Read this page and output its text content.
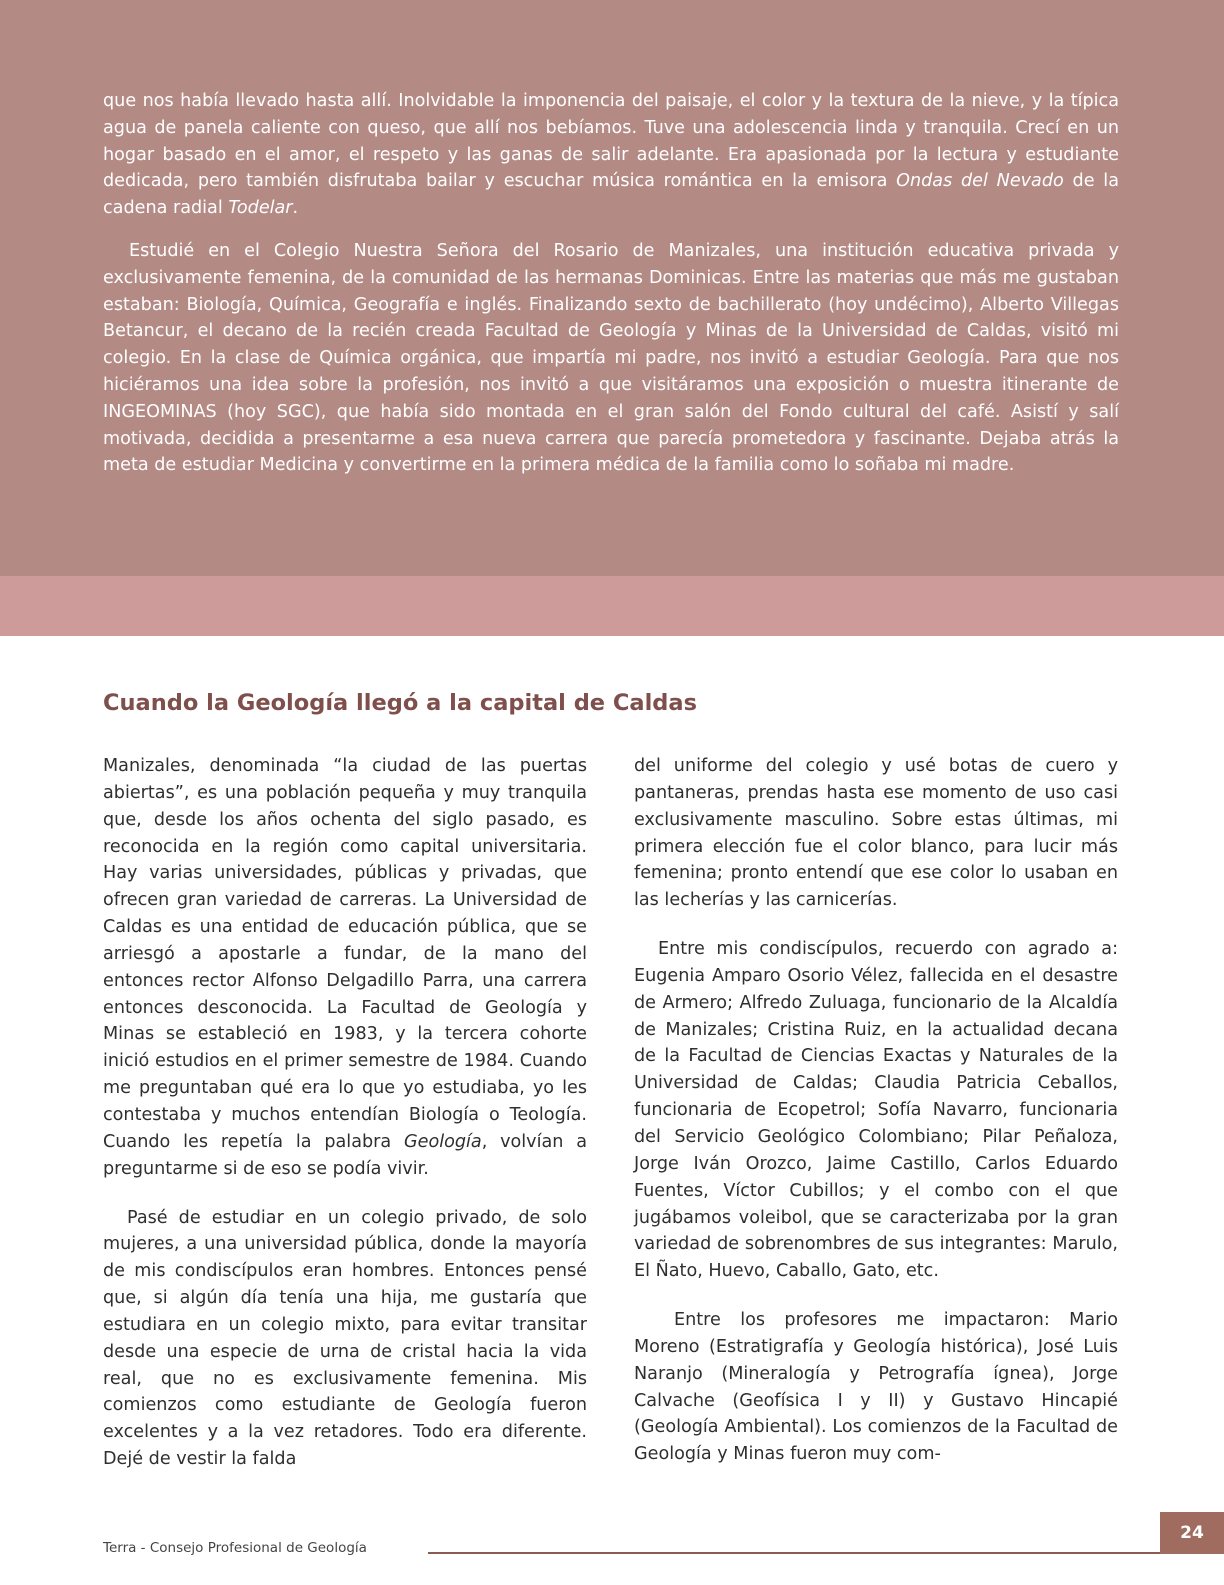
que nos había llevado hasta allí. Inolvidable la imponencia del paisaje, el color y la textura de la nieve, y la típica agua de panela caliente con queso, que allí nos bebíamos. Tuve una adolescencia linda y tranquila. Crecí en un hogar basado en el amor, el respeto y las ganas de salir adelante. Era apasionada por la lectura y estudiante dedicada, pero también disfrutaba bailar y escuchar música romántica en la emisora Ondas del Nevado de la cadena radial Todelar.

Estudié en el Colegio Nuestra Señora del Rosario de Manizales, una institución educativa privada y exclusivamente femenina, de la comunidad de las hermanas Dominicas. Entre las materias que más me gustaban estaban: Biología, Química, Geografía e inglés. Finalizando sexto de bachillerato (hoy undécimo), Alberto Villegas Betancur, el decano de la recién creada Facultad de Geología y Minas de la Universidad de Caldas, visitó mi colegio. En la clase de Química orgánica, que impartía mi padre, nos invitó a estudiar Geología. Para que nos hiciéramos una idea sobre la profesión, nos invitó a que visitáramos una exposición o muestra itinerante de INGEOMINAS (hoy SGC), que había sido montada en el gran salón del Fondo cultural del café. Asistí y salí motivada, decidida a presentarme a esa nueva carrera que parecía prometedora y fascinante. Dejaba atrás la meta de estudiar Medicina y convertirme en la primera médica de la familia como lo soñaba mi madre.

Cuando la Geología llegó a la capital de Caldas

Manizales, denominada “la ciudad de las puertas abiertas”, es una población pequeña y muy tranquila que, desde los años ochenta del siglo pasado, es reconocida en la región como capital universitaria. Hay varias universidades, públicas y privadas, que ofrecen gran variedad de carreras. La Universidad de Caldas es una entidad de educación pública, que se arriesgó a apostarle a fundar, de la mano del entonces rector Alfonso Delgadillo Parra, una carrera entonces desconocida. La Facultad de Geología y Minas se estableció en 1983, y la tercera cohorte inició estudios en el primer semestre de 1984. Cuando me preguntaban qué era lo que yo estudiaba, yo les contestaba y muchos entendían Biología o Teología. Cuando les repetía la palabra Geología, volvían a preguntarme si de eso se podía vivir.

Pasé de estudiar en un colegio privado, de solo mujeres, a una universidad pública, donde la mayoría de mis condiscípulos eran hombres. Entonces pensé que, si algún día tenía una hija, me gustaría que estudiara en un colegio mixto, para evitar transitar desde una especie de urna de cristal hacia la vida real, que no es exclusivamente femenina. Mis comienzos como estudiante de Geología fueron excelentes y a la vez retadores. Todo era diferente. Dejé de vestir la falda

del uniforme del colegio y usé botas de cuero y pantaneras, prendas hasta ese momento de uso casi exclusivamente masculino. Sobre estas últimas, mi primera elección fue el color blanco, para lucir más femenina; pronto entendí que ese color lo usaban en las lecherías y las carnicerías.

Entre mis condiscípulos, recuerdo con agrado a: Eugenia Amparo Osorio Vélez, fallecida en el desastre de Armero; Alfredo Zuluaga, funcionario de la Alcaldía de Manizales; Cristina Ruiz, en la actualidad decana de la Facultad de Ciencias Exactas y Naturales de la Universidad de Caldas; Claudia Patricia Ceballos, funcionaria de Ecopetrol; Sofía Navarro, funcionaria del Servicio Geológico Colombiano; Pilar Peñaloza, Jorge Iván Orozco, Jaime Castillo, Carlos Eduardo Fuentes, Víctor Cubillos; y el combo con el que jugábamos voleibol, que se caracterizaba por la gran variedad de sobrenombres de sus integrantes: Marulo, El Ñato, Huevo, Caballo, Gato, etc.

Entre los profesores me impactaron: Mario Moreno (Estratigrafía y Geología histórica), José Luis Naranjo (Mineralogía y Petrografía ígnea), Jorge Calvache (Geofísica I y II) y Gustavo Hincapié (Geología Ambiental). Los comienzos de la Facultad de Geología y Minas fueron muy com-

Terra - Consejo Profesional de Geología
24
